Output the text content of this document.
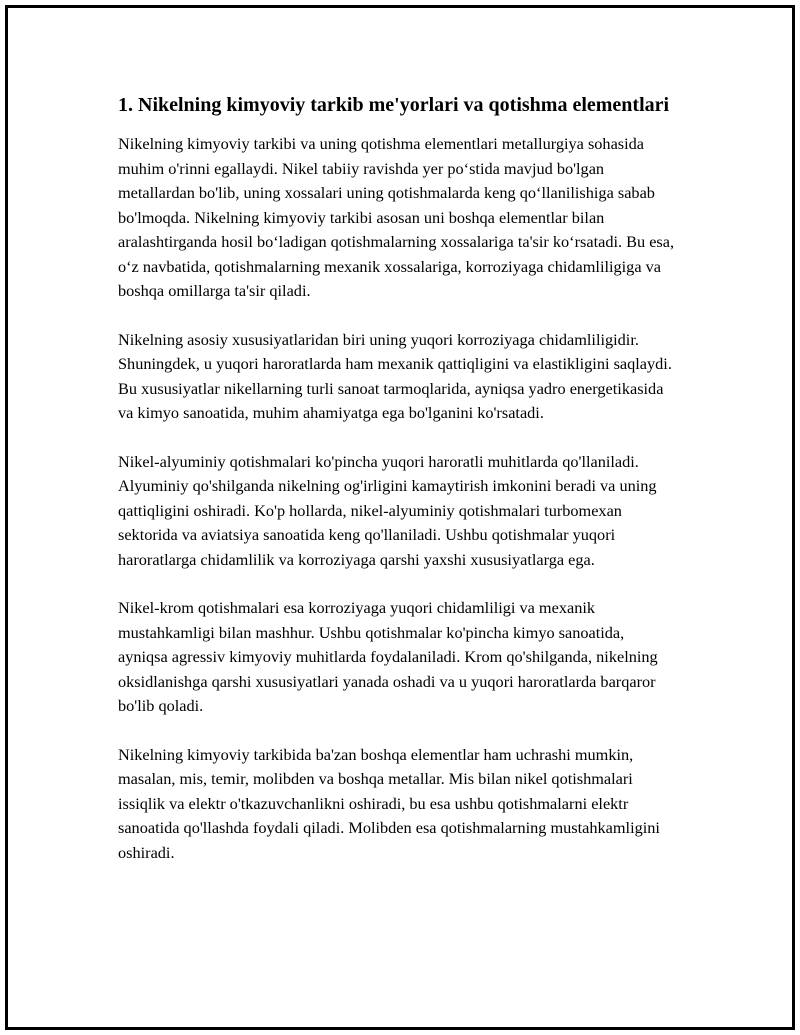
1. Nikelning kimyoviy tarkib me'yorlari va qotishma elementlari

Nikelning kimyoviy tarkibi va uning qotishma elementlari metallurgiya sohasida muhim o'rinni egallaydi. Nikel tabiiy ravishda yer po‘stida mavjud bo'lgan metallardan bo'lib, uning xossalari uning qotishmalarda keng qo‘llanilishiga sabab bo'lmoqda. Nikelning kimyoviy tarkibi asosan uni boshqa elementlar bilan aralashtirganda hosil bo‘ladigan qotishmalarning xossalariga ta'sir ko‘rsatadi. Bu esa, o‘z navbatida, qotishmalarning mexanik xossalariga, korroziyaga chidamliligiga va boshqa omillarga ta'sir qiladi.

Nikelning asosiy xususiyatlaridan biri uning yuqori korroziyaga chidamliligidir. Shuningdek, u yuqori haroratlarda ham mexanik qattiqligini va elastikligini saqlaydi. Bu xususiyatlar nikellarning turli sanoat tarmoqlarida, ayniqsa yadro energetikasida va kimyo sanoatida, muhim ahamiyatga ega bo'lganini ko'rsatadi.

Nikel-alyuminiy qotishmalari ko'pincha yuqori haroratli muhitlarda qo'llaniladi. Alyuminiy qo'shilganda nikelning og'irligini kamaytirish imkonini beradi va uning qattiqligini oshiradi. Ko'p hollarda, nikel-alyuminiy qotishmalari turbomexan sektorida va aviatsiya sanoatida keng qo'llaniladi. Ushbu qotishmalar yuqori haroratlarga chidamlilik va korroziyaga qarshi yaxshi xususiyatlarga ega.

Nikel-krom qotishmalari esa korroziyaga yuqori chidamliligi va mexanik mustahkamligi bilan mashhur. Ushbu qotishmalar ko'pincha kimyo sanoatida, ayniqsa agressiv kimyoviy muhitlarda foydalaniladi. Krom qo'shilganda, nikelning oksidlanishga qarshi xususiyatlari yanada oshadi va u yuqori haroratlarda barqaror bo'lib qoladi.

Nikelning kimyoviy tarkibida ba'zan boshqa elementlar ham uchrashi mumkin, masalan, mis, temir, molibden va boshqa metallar. Mis bilan nikel qotishmalari issiqlik va elektr o'tkazuvchanlikni oshiradi, bu esa ushbu qotishmalarni elektr sanoatida qo'llashda foydali qiladi. Molibden esa qotishmalarning mustahkamligini oshiradi.
